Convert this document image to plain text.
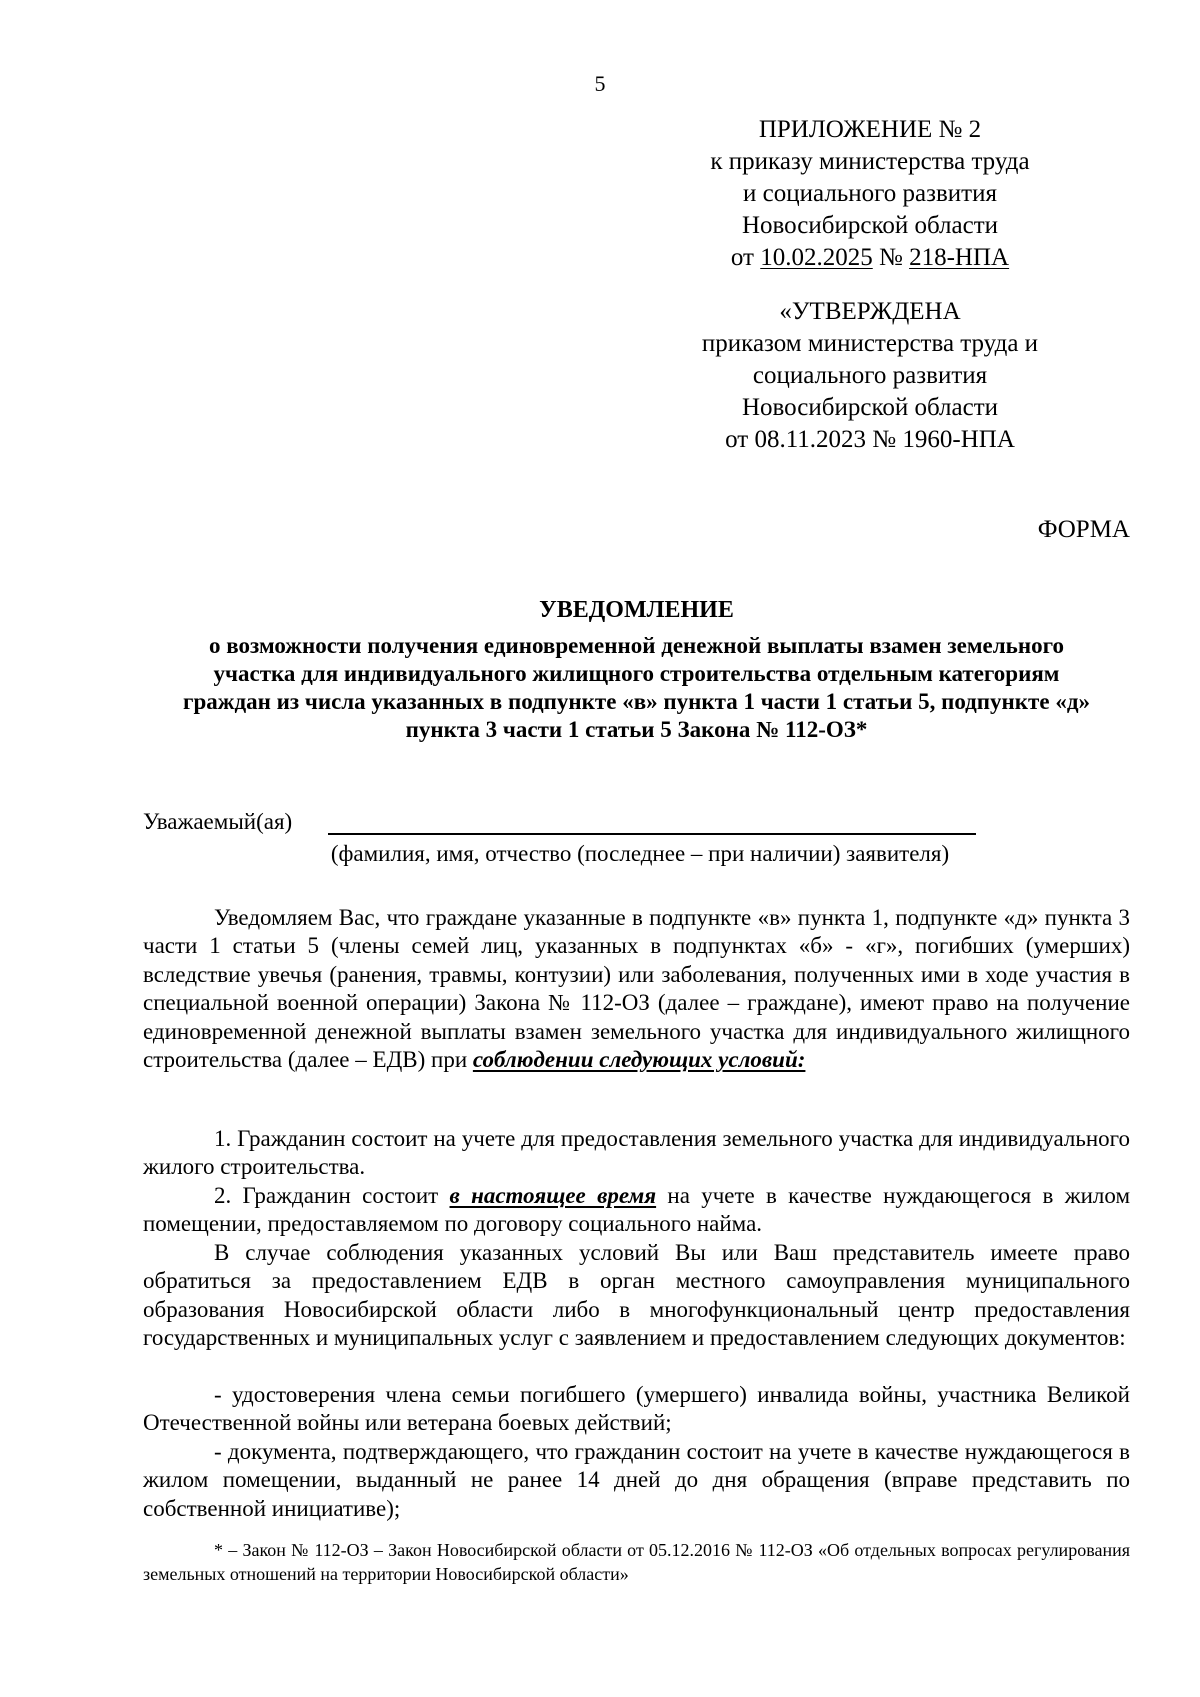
5
ПРИЛОЖЕНИЕ № 2
к приказу министерства труда
и социального развития
Новосибирской области
от 10.02.2025 № 218-НПА
«УТВЕРЖДЕНА
приказом министерства труда и
социального развития
Новосибирской области
от 08.11.2023 № 1960-НПА
ФОРМА
УВЕДОМЛЕНИЕ
о возможности получения единовременной денежной выплаты взамен земельного
участка для индивидуального жилищного строительства отдельным категориям
граждан из числа указанных в подпункте «в» пункта 1 части 1 статьи 5, подпункте «д»
пункта 3 части 1 статьи 5 Закона № 112-ОЗ*
Уважаемый(ая)
(фамилия, имя, отчество (последнее – при наличии) заявителя)
Уведомляем Вас, что граждане указанные в подпункте «в» пункта 1, подпункте «д» пункта 3 части 1 статьи 5 (члены семей лиц, указанных в подпунктах «б» - «г», погибших (умерших) вследствие увечья (ранения, травмы, контузии) или заболевания, полученных ими в ходе участия в специальной военной операции) Закона № 112-ОЗ (далее – граждане), имеют право на получение единовременной денежной выплаты взамен земельного участка для индивидуального жилищного строительства (далее – ЕДВ) при соблюдении следующих условий:
1. Гражданин состоит на учете для предоставления земельного участка для индивидуального жилого строительства.
2. Гражданин состоит в настоящее время на учете в качестве нуждающегося в жилом помещении, предоставляемом по договору социального найма.
В случае соблюдения указанных условий Вы или Ваш представитель имеете право обратиться за предоставлением ЕДВ в орган местного самоуправления муниципального образования Новосибирской области либо в многофункциональный центр предоставления государственных и муниципальных услуг с заявлением и предоставлением следующих документов:
- удостоверения члена семьи погибшего (умершего) инвалида войны, участника Великой Отечественной войны или ветерана боевых действий;
- документа, подтверждающего, что гражданин состоит на учете в качестве нуждающегося в жилом помещении, выданный не ранее 14 дней до дня обращения (вправе представить по собственной инициативе);
* – Закон № 112-ОЗ – Закон Новосибирской области от 05.12.2016 № 112-ОЗ «Об отдельных вопросах регулирования земельных отношений на территории Новосибирской области»
